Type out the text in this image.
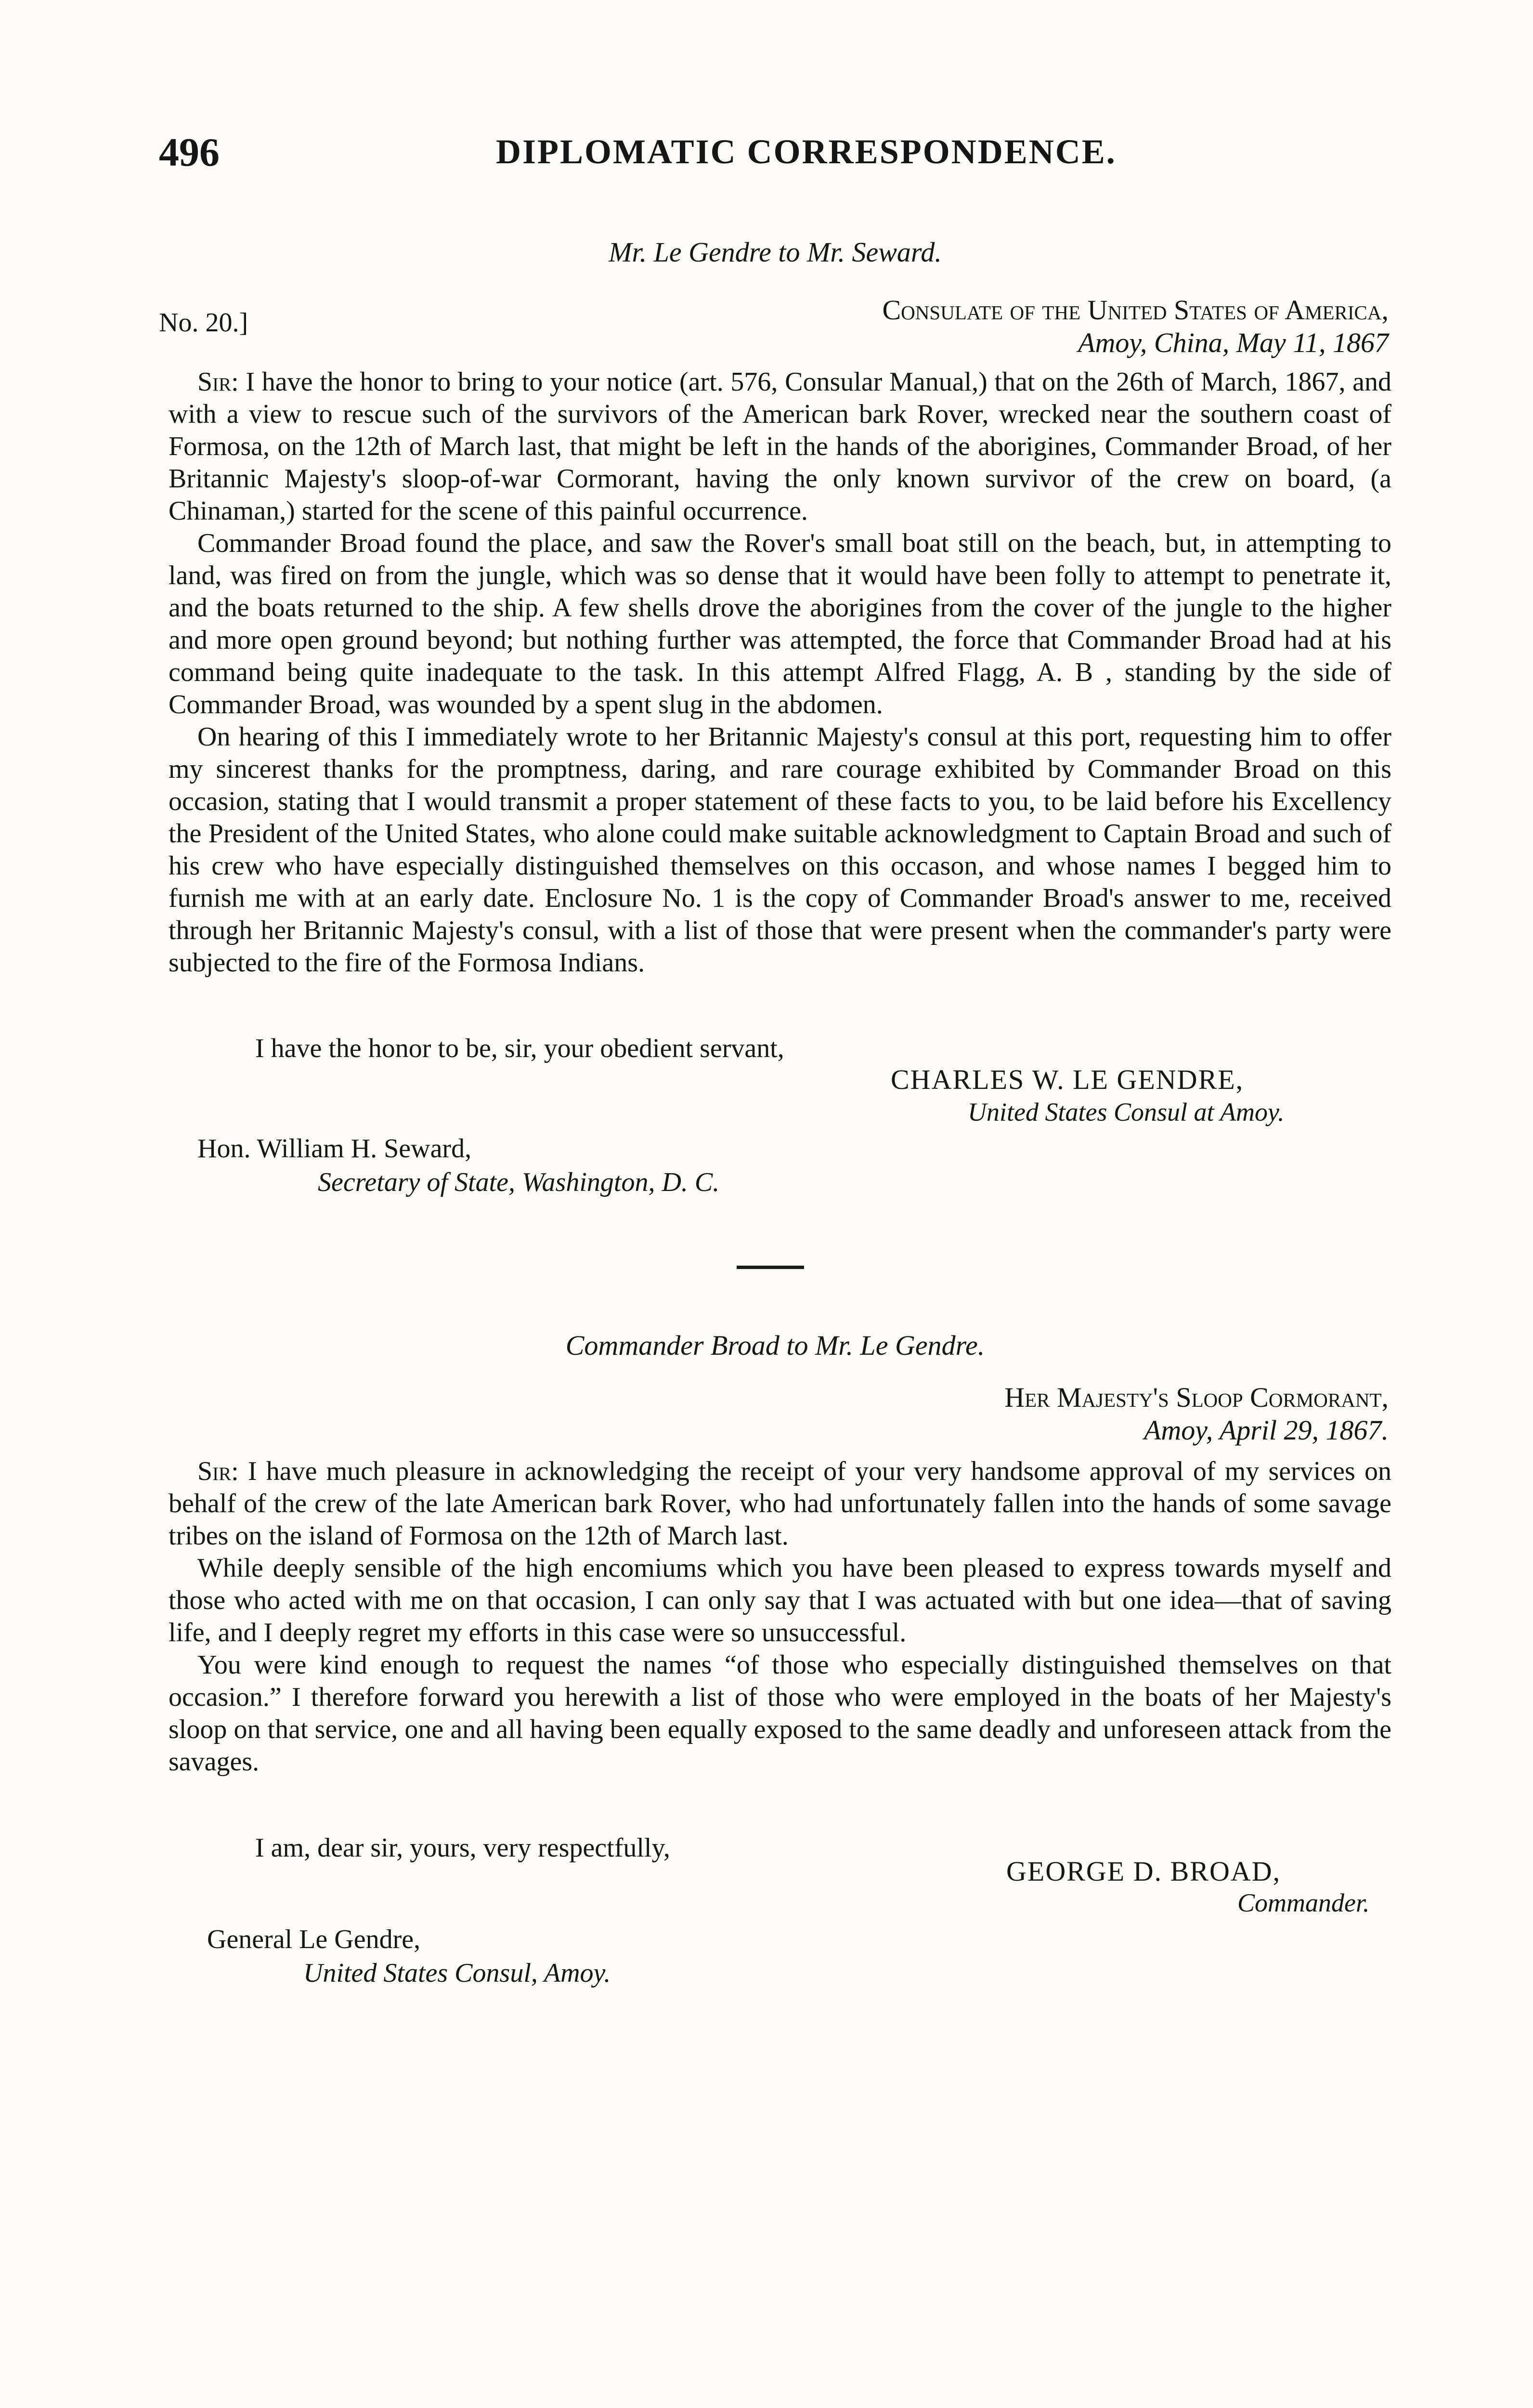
496	DIPLOMATIC CORRESPONDENCE.
Mr. Le Gendre to Mr. Seward.
No. 20.]	Consulate of the United States of America,
Amoy, China, May 11, 1867

Sir: I have the honor to bring to your notice (art. 576, Consular Manual,) that on the 26th of March, 1867, and with a view to rescue such of the survivors of the American bark Rover, wrecked near the southern coast of Formosa, on the 12th of March last, that might be left in the hands of the aborigines, Commander Broad, of her Britannic Majesty's sloop-of-war Cormorant, having the only known survivor of the crew on board, (a Chinaman,) started for the scene of this painful occurrence.

Commander Broad found the place, and saw the Rover's small boat still on the beach, but, in attempting to land, was fired on from the jungle, which was so dense that it would have been folly to attempt to penetrate it, and the boats returned to the ship. A few shells drove the aborigines from the cover of the jungle to the higher and more open ground beyond; but nothing further was attempted, the force that Commander Broad had at his command being quite inadequate to the task. In this attempt Alfred Flagg, A. B , standing by the side of Commander Broad, was wounded by a spent slug in the abdomen.

On hearing of this I immediately wrote to her Britannic Majesty's consul at this port, requesting him to offer my sincerest thanks for the promptness, daring, and rare courage exhibited by Commander Broad on this occasion, stating that I would transmit a proper statement of these facts to you, to be laid before his Excellency the President of the United States, who alone could make suitable acknowledgment to Captain Broad and such of his crew who have especially distinguished themselves on this occason, and whose names I begged him to furnish me with at an early date. Enclosure No. 1 is the copy of Commander Broad's answer to me, received through her Britannic Majesty's consul, with a list of those that were present when the commander's party were subjected to the fire of the Formosa Indians.

I have the honor to be, sir, your obedient servant,
CHARLES W. LE GENDRE,
United States Consul at Amoy.
Hon. William H. Seward,
Secretary of State, Washington, D. C.
Commander Broad to Mr. Le Gendre.
Her Majesty's Sloop Cormorant,
Amoy, April 29, 1867.

Sir: I have much pleasure in acknowledging the receipt of your very handsome approval of my services on behalf of the crew of the late American bark Rover, who had unfortunately fallen into the hands of some savage tribes on the island of Formosa on the 12th of March last.

While deeply sensible of the high encomiums which you have been pleased to express towards myself and those who acted with me on that occasion, I can only say that I was actuated with but one idea—that of saving life, and I deeply regret my efforts in this case were so unsuccessful.

You were kind enough to request the names “of those who especially distinguished themselves on that occasion.” I therefore forward you herewith a list of those who were employed in the boats of her Majesty's sloop on that service, one and all having been equally exposed to the same deadly and unforeseen attack from the savages.

I am, dear sir, yours, very respectfully,
GEORGE D. BROAD,
Commander.
General Le Gendre,
United States Consul, Amoy.
